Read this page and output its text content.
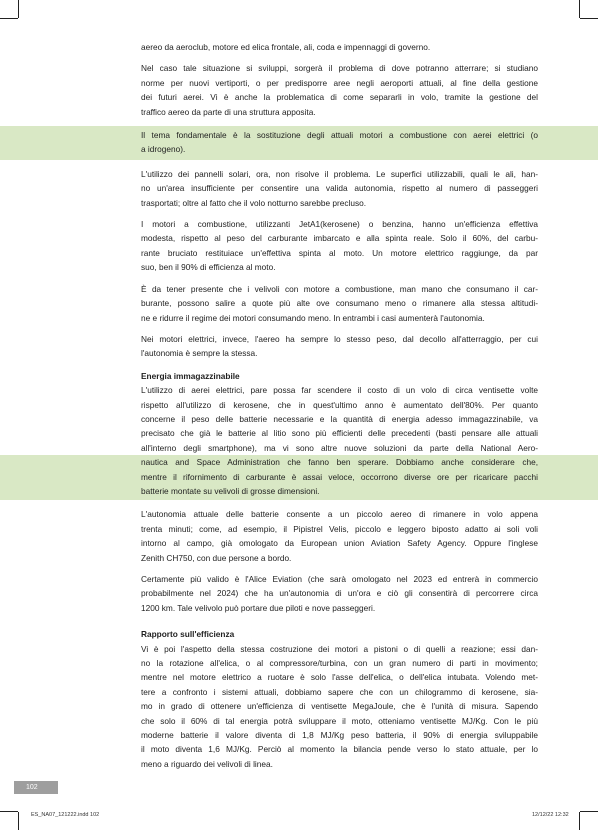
aereo da aeroclub, motore ed elica frontale, ali, coda e impennaggi di governo.

Nel caso tale situazione si sviluppi, sorgerà il problema di dove potranno atterrare; si studiano
norme per nuovi vertiporti, o per predisporre aree negli aeroporti attuali, al fine della gestione
dei futuri aerei. Vi è anche la problematica di come separarli in volo, tramite la gestione del
traffico aereo da parte di una struttura apposita.

Il tema fondamentale è la sostituzione degli attuali motori a combustione con aerei elettrici (o
a idrogeno).

L'utilizzo dei pannelli solari, ora, non risolve il problema. Le superfici utilizzabili, quali le ali, han-
no un'area insufficiente per consentire una valida autonomia, rispetto al numero di passeggeri
trasportati; oltre al fatto che il volo notturno sarebbe precluso.

I motori a combustione, utilizzanti JetA1(kerosene) o benzina, hanno un'efficienza effettiva
modesta, rispetto al peso del carburante imbarcato e alla spinta reale. Solo il 60%, del carbu-
rante bruciato restituiace un'effettiva spinta al moto. Un motore elettrico raggiunge, da par
suo, ben il 90% di efficienza al moto.

È da tener presente che i velivoli con motore a combustione, man mano che consumano il car-
burante, possono salire a quote più alte ove consumano meno o rimanere alla stessa altitudi-
ne e ridurre il regime dei motori consumando meno. In entrambi i casi aumenterà l'autonomia.

Nei motori elettrici, invece, l'aereo ha sempre lo stesso peso, dal decollo all'atterraggio, per cui
l'autonomia è sempre la stessa.

Energia immagazzinabile
L'utilizzo di aerei elettrici, pare possa far scendere il costo di un volo di circa ventisette volte
rispetto all'utilizzo di kerosene, che in quest'ultimo anno è aumentato dell'80%. Per quanto
concerne il peso delle batterie necessarie e la quantità di energia adesso immagazzinabile, va
precisato che già le batterie al litio sono più efficienti delle precedenti (basti pensare alle attuali
all'interno degli smartphone), ma vi sono altre nuove soluzioni da parte della National Aero-
nautica and Space Administration che fanno ben sperare. Dobbiamo anche considerare che,
mentre il rifornimento di carburante è assai veloce, occorrono diverse ore per ricaricare pacchi
batterie montate su velivoli di grosse dimensioni.

L'autonomia attuale delle batterie consente a un piccolo aereo di rimanere in volo appena
trenta minuti; come, ad esempio, il Pipistrel Velis, piccolo e leggero biposto adatto ai soli voli
intorno al campo, già omologato da European union Aviation Safety Agency. Oppure l'inglese
Zenith CH750, con due persone a bordo.

Certamente più valido è l'Alice Eviation (che sarà omologato nel 2023 ed entrerà in commercio
probabilmente nel 2024) che ha un'autonomia di un'ora e ciò gli consentirà di percorrere circa
1200 km. Tale velivolo può portare due piloti e nove passeggeri.

Rapporto sull'efficienza
Vi è poi l'aspetto della stessa costruzione dei motori a pistoni o di quelli a reazione; essi dan-
no la rotazione all'elica, o al compressore/turbina, con un gran numero di parti in movimento;
mentre nel motore elettrico a ruotare è solo l'asse dell'elica, o dell'elica intubata. Volendo met-
tere a confronto i sistemi attuali, dobbiamo sapere che con un chilogrammo di kerosene, sia-
mo in grado di ottenere un'efficienza di ventisette MegaJoule, che è l'unità di misura. Sapendo
che solo il 60% di tal energia potrà sviluppare il moto, otteniamo ventisette MJ/Kg. Con le più
moderne batterie il valore diventa di 1,8 MJ/Kg peso batteria, il 90% di energia sviluppabile
il moto diventa 1,6 MJ/Kg. Perciò al momento la bilancia pende verso lo stato attuale, per lo
meno a riguardo dei velivoli di linea.
102
ES_NA07_121222.indd 102	12/12/22 12:32
